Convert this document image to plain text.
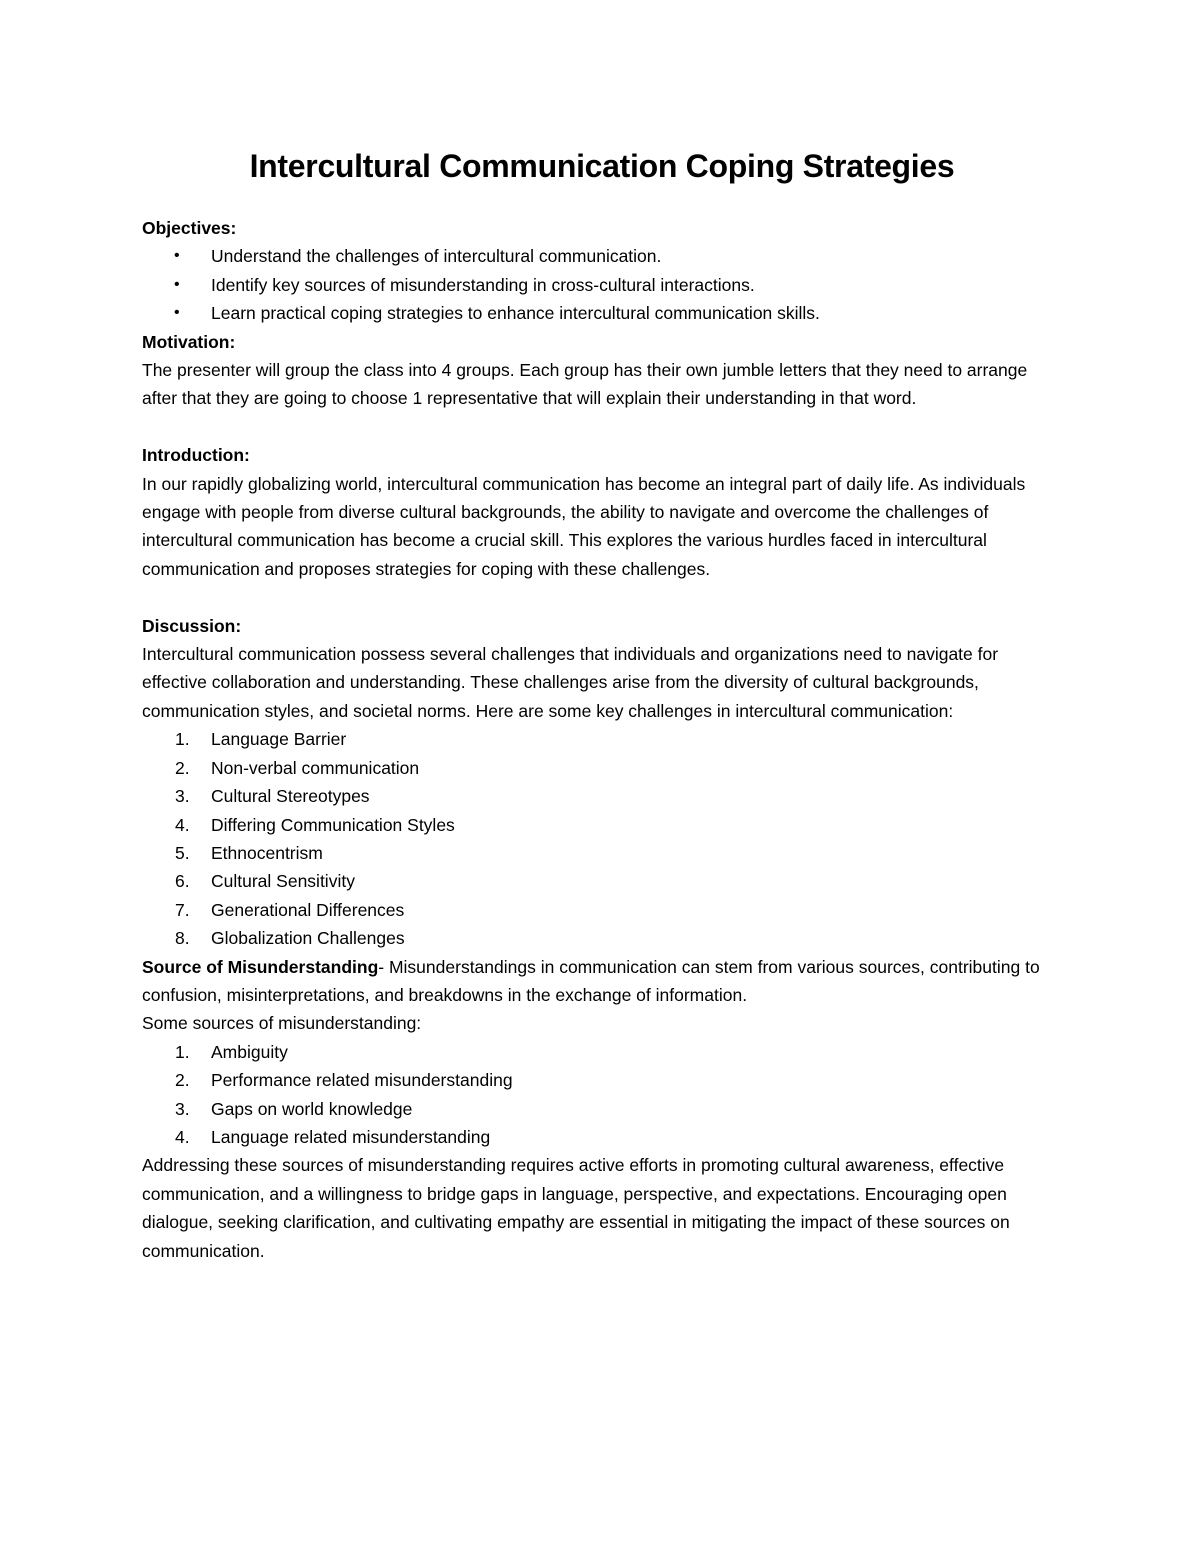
Intercultural Communication Coping Strategies

Objectives:

• Understand the challenges of intercultural communication.
• Identify key sources of misunderstanding in cross-cultural interactions.
• Learn practical coping strategies to enhance intercultural communication skills.

Motivation:

The presenter will group the class into 4 groups. Each group has their own jumble letters that they need to arrange after that they are going to choose 1 representative that will explain their understanding in that word.

Introduction:

In our rapidly globalizing world, intercultural communication has become an integral part of daily life. As individuals engage with people from diverse cultural backgrounds, the ability to navigate and overcome the challenges of intercultural communication has become a crucial skill. This explores the various hurdles faced in intercultural communication and proposes strategies for coping with these challenges.

Discussion:

Intercultural communication possess several challenges that individuals and organizations need to navigate for effective collaboration and understanding. These challenges arise from the diversity of cultural backgrounds, communication styles, and societal norms. Here are some key challenges in intercultural communication:

1. Language Barrier
2. Non-verbal communication
3. Cultural Stereotypes
4. Differing Communication Styles
5. Ethnocentrism
6. Cultural Sensitivity
7. Generational Differences
8. Globalization Challenges

Source of Misunderstanding- Misunderstandings in communication can stem from various sources, contributing to confusion, misinterpretations, and breakdowns in the exchange of information.

Some sources of misunderstanding:

1. Ambiguity
2. Performance related misunderstanding
3. Gaps on world knowledge
4. Language related misunderstanding

Addressing these sources of misunderstanding requires active efforts in promoting cultural awareness, effective communication, and a willingness to bridge gaps in language, perspective, and expectations. Encouraging open dialogue, seeking clarification, and cultivating empathy are essential in mitigating the impact of these sources on communication.
